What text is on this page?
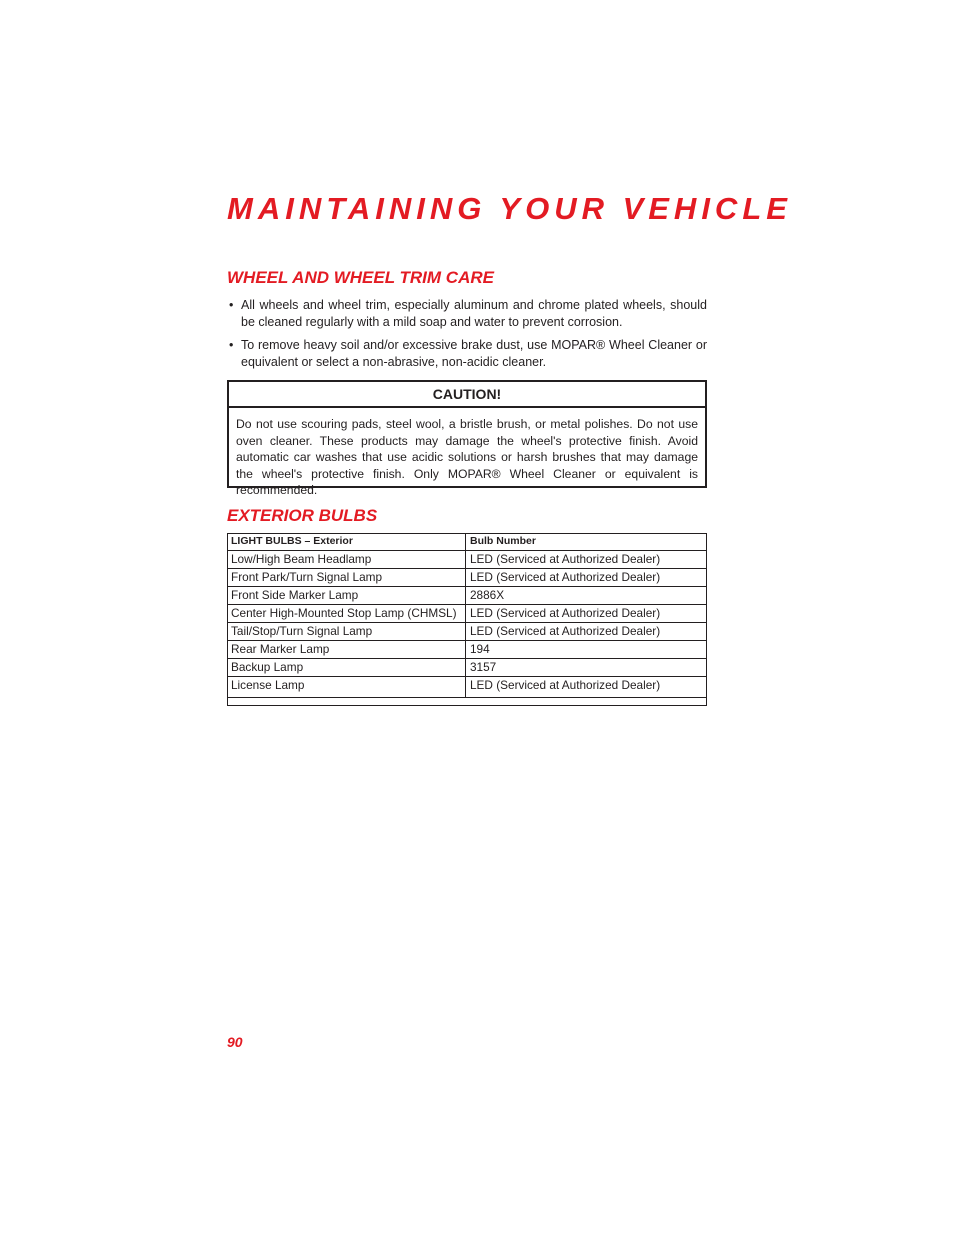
MAINTAINING YOUR VEHICLE
WHEEL AND WHEEL TRIM CARE
• All wheels and wheel trim, especially aluminum and chrome plated wheels, should be cleaned regularly with a mild soap and water to prevent corrosion.
• To remove heavy soil and/or excessive brake dust, use MOPAR® Wheel Cleaner or equivalent or select a non-abrasive, non-acidic cleaner.
CAUTION!
Do not use scouring pads, steel wool, a bristle brush, or metal polishes. Do not use oven cleaner. These products may damage the wheel's protective finish. Avoid automatic car washes that use acidic solutions or harsh brushes that may damage the wheel's protective finish. Only MOPAR® Wheel Cleaner or equivalent is recommended.
EXTERIOR BULBS
LIGHT BULBS – Exterior	Bulb Number
Low/High Beam Headlamp	LED (Serviced at Authorized Dealer)
Front Park/Turn Signal Lamp	LED (Serviced at Authorized Dealer)
Front Side Marker Lamp	2886X
Center High-Mounted Stop Lamp (CHMSL)	LED (Serviced at Authorized Dealer)
Tail/Stop/Turn Signal Lamp	LED (Serviced at Authorized Dealer)
Rear Marker Lamp	194
Backup Lamp	3157
License Lamp	LED (Serviced at Authorized Dealer)

90
